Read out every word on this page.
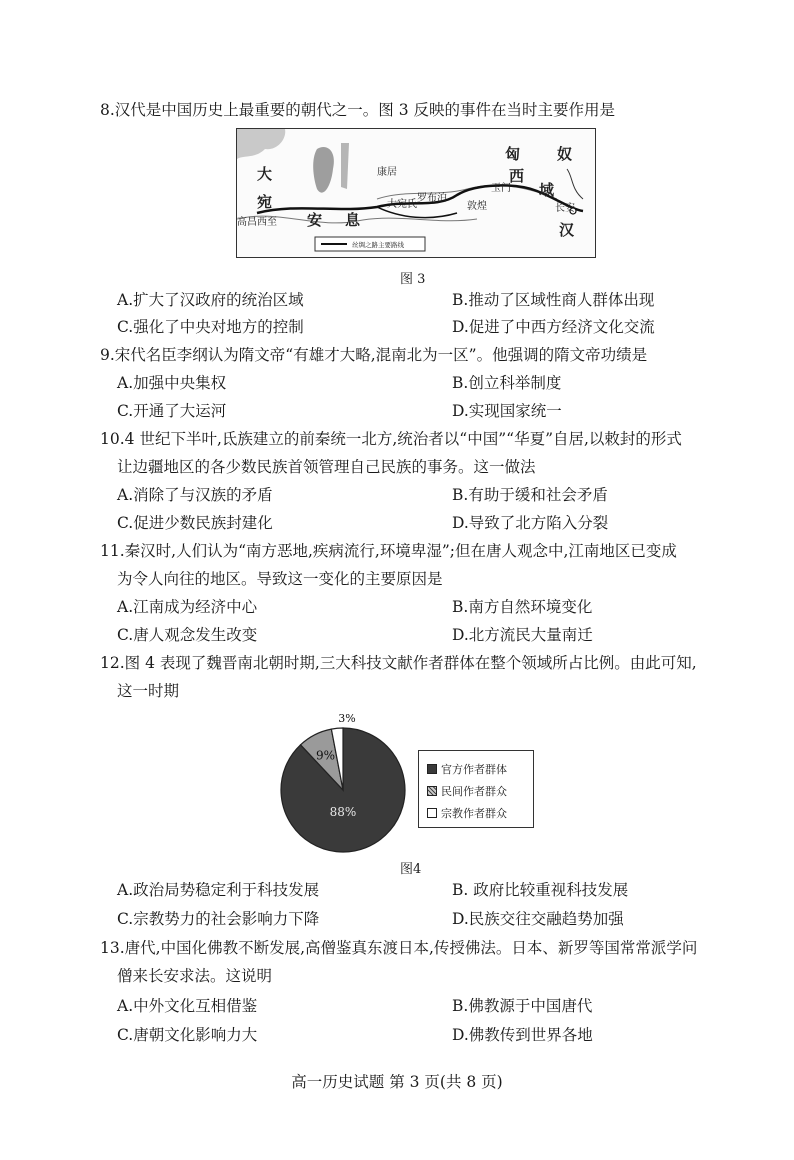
8.汉代是中国历史上最重要的朝代之一。图 3 反映的事件在当时主要作用是
大
宛
高昌西至
匈 奴
西
域
安 息
汉
长安
敦煌
大宛氏
康居
罗布泊
玉门
丝绸之路主要路线
图 3
A.扩大了汉政府的统治区域	B.推动了区域性商人群体出现
C.强化了中央对地方的控制	D.促进了中西方经济文化交流
9.宋代名臣李纲认为隋文帝“有雄才大略,混南北为一区”。他强调的隋文帝功绩是
A.加强中央集权	B.创立科举制度
C.开通了大运河	D.实现国家统一
10.4 世纪下半叶,氐族建立的前秦统一北方,统治者以“中国”“华夏”自居,以敕封的形式
让边疆地区的各少数民族首领管理自己民族的事务。这一做法
A.消除了与汉族的矛盾	B.有助于缓和社会矛盾
C.促进少数民族封建化	D.导致了北方陷入分裂
11.秦汉时,人们认为“南方恶地,疾病流行,环境卑湿”;但在唐人观念中,江南地区已变成
为令人向往的地区。导致这一变化的主要原因是
A.江南成为经济中心	B.南方自然环境变化
C.唐人观念发生改变	D.北方流民大量南迁
12.图 4 表现了魏晋南北朝时期,三大科技文献作者群体在整个领域所占比例。由此可知,
这一时期
88%
9%
3%
官方作者群体
民间作者群众
宗教作者群众
图4
A.政治局势稳定利于科技发展	B. 政府比较重视科技发展
C.宗教势力的社会影响力下降	D.民族交往交融趋势加强
13.唐代,中国化佛教不断发展,高僧鉴真东渡日本,传授佛法。日本、新罗等国常常派学问
僧来长安求法。这说明
A.中外文化互相借鉴	B.佛教源于中国唐代
C.唐朝文化影响力大	D.佛教传到世界各地
高一历史试题 第 3 页(共 8 页)
